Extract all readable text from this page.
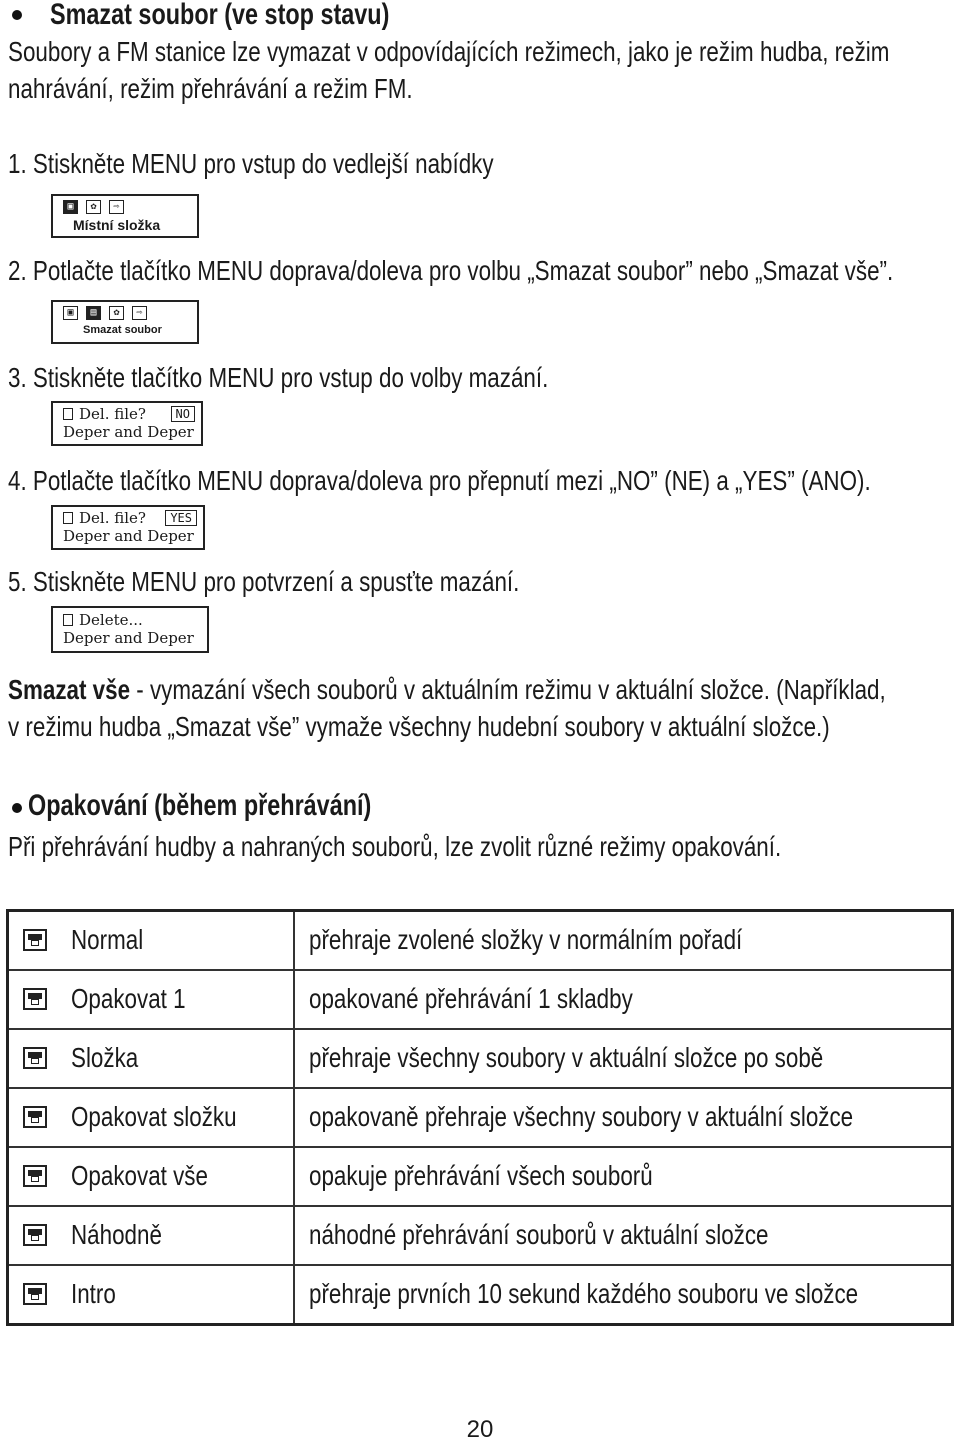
Smazat soubor (ve stop stavu)
Soubory a FM stanice lze vymazat v odpovídajících režimech, jako je režim hudba, režim
nahrávání, režim přehrávání a režim FM.
1. Stiskněte MENU pro vstup do vedlejší nabídky
▣	✿	⇨
Místní složka
2. Potlačte tlačítko MENU doprava/doleva pro volbu „Smazat soubor” nebo „Smazat vše”.
▣	▤	✿	⇨
Smazat soubor
3. Stiskněte tlačítko MENU pro vstup do volby mazání.
Del. file?	NO
Deper and Deper
4. Potlačte tlačítko MENU doprava/doleva pro přepnutí mezi „NO” (NE) a „YES” (ANO).
Del. file?	YES
Deper and Deper
5. Stiskněte MENU pro potvrzení a spusťte mazání.
Delete...
Deper and Deper
Smazat vše - vymazání všech souborů v aktuálním režimu v aktuální složce. (Například,
v režimu hudba „Smazat vše” vymaže všechny hudební soubory v aktuální složce.)
Opakování (během přehrávání)
Při přehrávání hudby a nahraných souborů, lze zvolit různé režimy opakování.
Normal	přehraje zvolené složky v normálním pořadí

Opakovat 1	opakované přehrávání 1 skladby

Složka	přehraje všechny soubory v aktuální složce po sobě

Opakovat složku	opakovaně přehraje všechny soubory v aktuální složce

Opakovat vše	opakuje přehrávání všech souborů

Náhodně	náhodné přehrávání souborů v aktuální složce

Intro	přehraje prvních 10 sekund každého souboru ve složce
20
